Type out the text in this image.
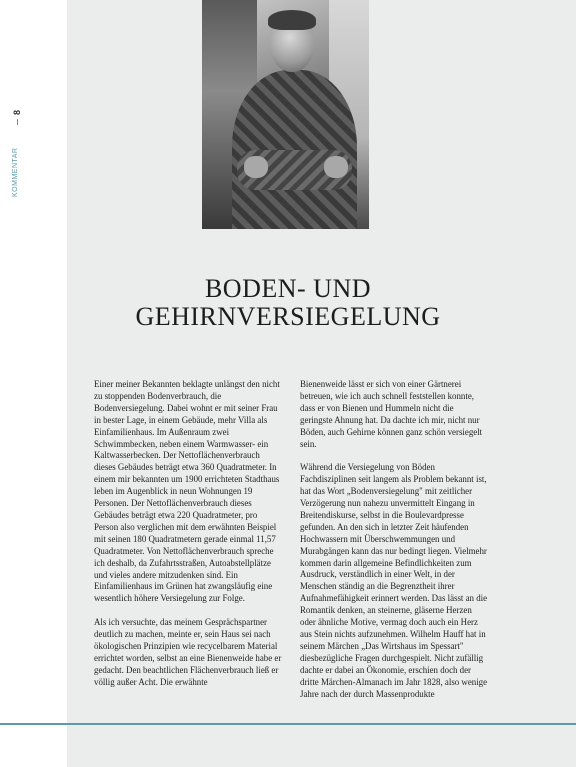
8
KOMMENTAR
BODEN- UND
GEHIRNVERSIEGELUNG

Einer meiner Bekannten beklagte unlängst den nicht zu stoppenden Bodenverbrauch, die Bodenversiegelung. Dabei wohnt er mit seiner Frau in bester Lage, in einem Gebäude, mehr Villa als Einfamilienhaus. Im Außenraum zwei Schwimmbecken, neben einem Warmwasser- ein Kaltwasserbecken. Der Nettoflächenverbrauch dieses Gebäudes beträgt etwa 360 Quadratmeter. In einem mir bekannten um 1900 errichteten Stadthaus leben im Augenblick in neun Wohnungen 19 Personen. Der Nettoflächenverbrauch dieses Gebäudes beträgt etwa 220 Quadratmeter, pro Person also verglichen mit dem erwähnten Beispiel mit seinen 180 Quadratmetern gerade einmal 11,57 Quadratmeter. Von Nettoflächenverbrauch spreche ich deshalb, da Zufahrtsstraßen, Autoabstellplätze und vieles andere mitzudenken sind. Ein Einfamilienhaus im Grünen hat zwangsläufig eine wesentlich höhere Versiegelung zur Folge.

Als ich versuchte, das meinem Gesprächspartner deutlich zu machen, meinte er, sein Haus sei nach ökologischen Prinzipien wie recycelbarem Material errichtet worden, selbst an eine Bienenweide habe er gedacht. Den beachtlichen Flächenverbrauch ließ er völlig außer Acht. Die erwähnte

Bienenweide lässt er sich von einer Gärtnerei betreuen, wie ich auch schnell feststellen konnte, dass er von Bienen und Hummeln nicht die geringste Ahnung hat. Da dachte ich mir, nicht nur Böden, auch Gehirne können ganz schön versiegelt sein.

Während die Versiegelung von Böden Fachdisziplinen seit langem als Problem bekannt ist, hat das Wort „Bodenversiegelung" mit zeitlicher Verzögerung nun nahezu unvermittelt Eingang in Breitendiskurse, selbst in die Boulevardpresse gefunden. An den sich in letzter Zeit häufenden Hochwassern mit Überschwemmungen und Murabgängen kann das nur bedingt liegen. Vielmehr kommen darin allgemeine Befindlichkeiten zum Ausdruck, verständlich in einer Welt, in der Menschen ständig an die Begrenztheit ihrer Aufnahmefähigkeit erinnert werden. Das lässt an die Romantik denken, an steinerne, gläserne Herzen oder ähnliche Motive, vermag doch auch ein Herz aus Stein nichts aufzunehmen. Wilhelm Hauff hat in seinem Märchen „Das Wirtshaus im Spessart" diesbezügliche Fragen durchgespielt. Nicht zufällig dachte er dabei an Ökonomie, erschien doch der dritte Märchen-Almanach im Jahr 1828, also wenige Jahre nach der durch Massenprodukte
